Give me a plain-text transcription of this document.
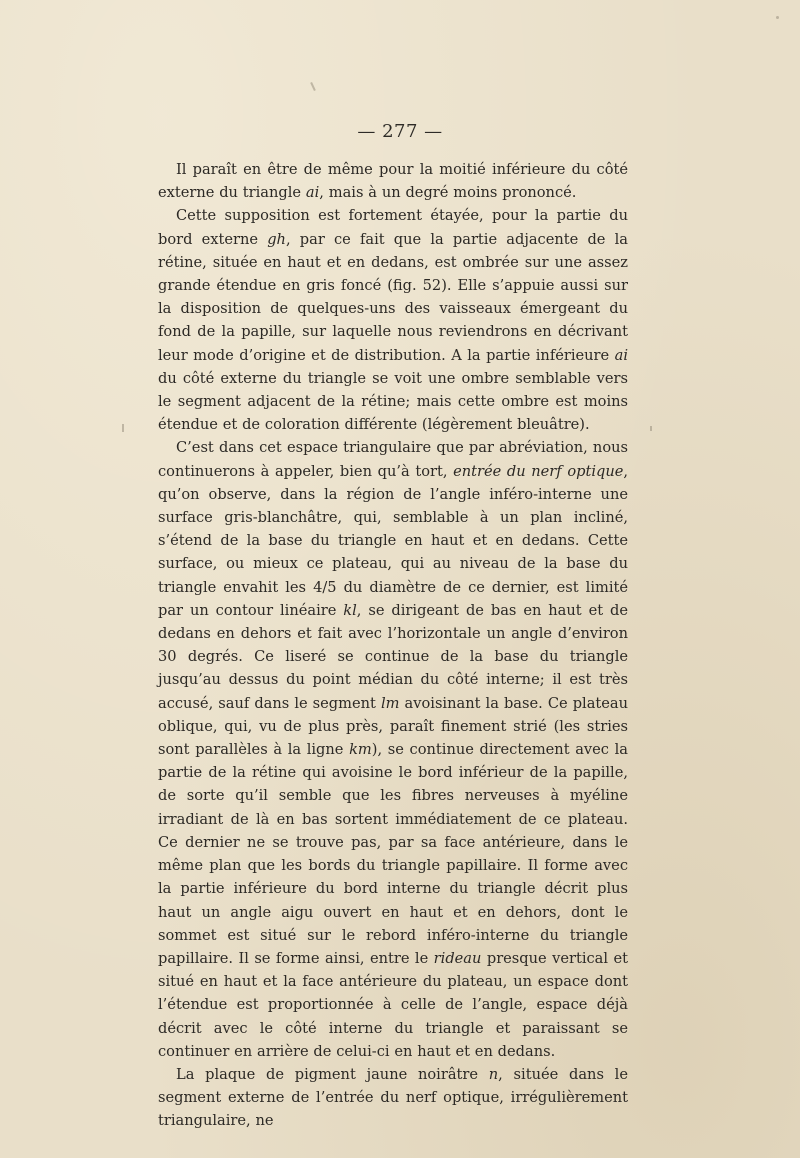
— 277 —

Il paraît en être de même pour la moitié inférieure du côté externe du triangle ai, mais à un degré moins prononcé.

Cette supposition est fortement étayée, pour la partie du bord externe gh, par ce fait que la partie adjacente de la rétine, située en haut et en dedans, est ombrée sur une assez grande étendue en gris foncé (fig. 52). Elle s’appuie aussi sur la disposition de quelques-uns des vaisseaux émergeant du fond de la papille, sur laquelle nous reviendrons en décrivant leur mode d’origine et de distribution. A la partie inférieure ai du côté externe du triangle se voit une ombre semblable vers le segment adjacent de la rétine; mais cette ombre est moins étendue et de coloration différente (légèrement bleuâtre).

C’est dans cet espace triangulaire que par abréviation, nous continuerons à appeler, bien qu’à tort, entrée du nerf optique, qu’on observe, dans la région de l’angle inféro-interne une surface gris-blanchâtre, qui, semblable à un plan incliné, s’étend de la base du triangle en haut et en dedans. Cette surface, ou mieux ce plateau, qui au niveau de la base du triangle envahit les 4/5 du diamètre de ce dernier, est limité par un contour linéaire kl, se dirigeant de bas en haut et de dedans en dehors et fait avec l’horizontale un angle d’environ 30 degrés. Ce liseré se continue de la base du triangle jusqu’au dessus du point médian du côté interne; il est très accusé, sauf dans le segment lm avoisinant la base. Ce plateau oblique, qui, vu de plus près, paraît finement strié (les stries sont parallèles à la ligne km), se continue directement avec la partie de la rétine qui avoisine le bord inférieur de la papille, de sorte qu’il semble que les fibres nerveuses à myéline irradiant de là en bas sortent immédiatement de ce plateau. Ce dernier ne se trouve pas, par sa face antérieure, dans le même plan que les bords du triangle papillaire. Il forme avec la partie inférieure du bord interne du triangle décrit plus haut un angle aigu ouvert en haut et en dehors, dont le sommet est situé sur le rebord inféro-interne du triangle papillaire. Il se forme ainsi, entre le rideau presque vertical et situé en haut et la face antérieure du plateau, un espace dont l’étendue est proportionnée à celle de l’angle, espace déjà décrit avec le côté interne du triangle et paraissant se continuer en arrière de celui-ci en haut et en dedans.

La plaque de pigment jaune noirâtre n, située dans le segment externe de l’entrée du nerf optique, irrégulièrement triangulaire, ne
